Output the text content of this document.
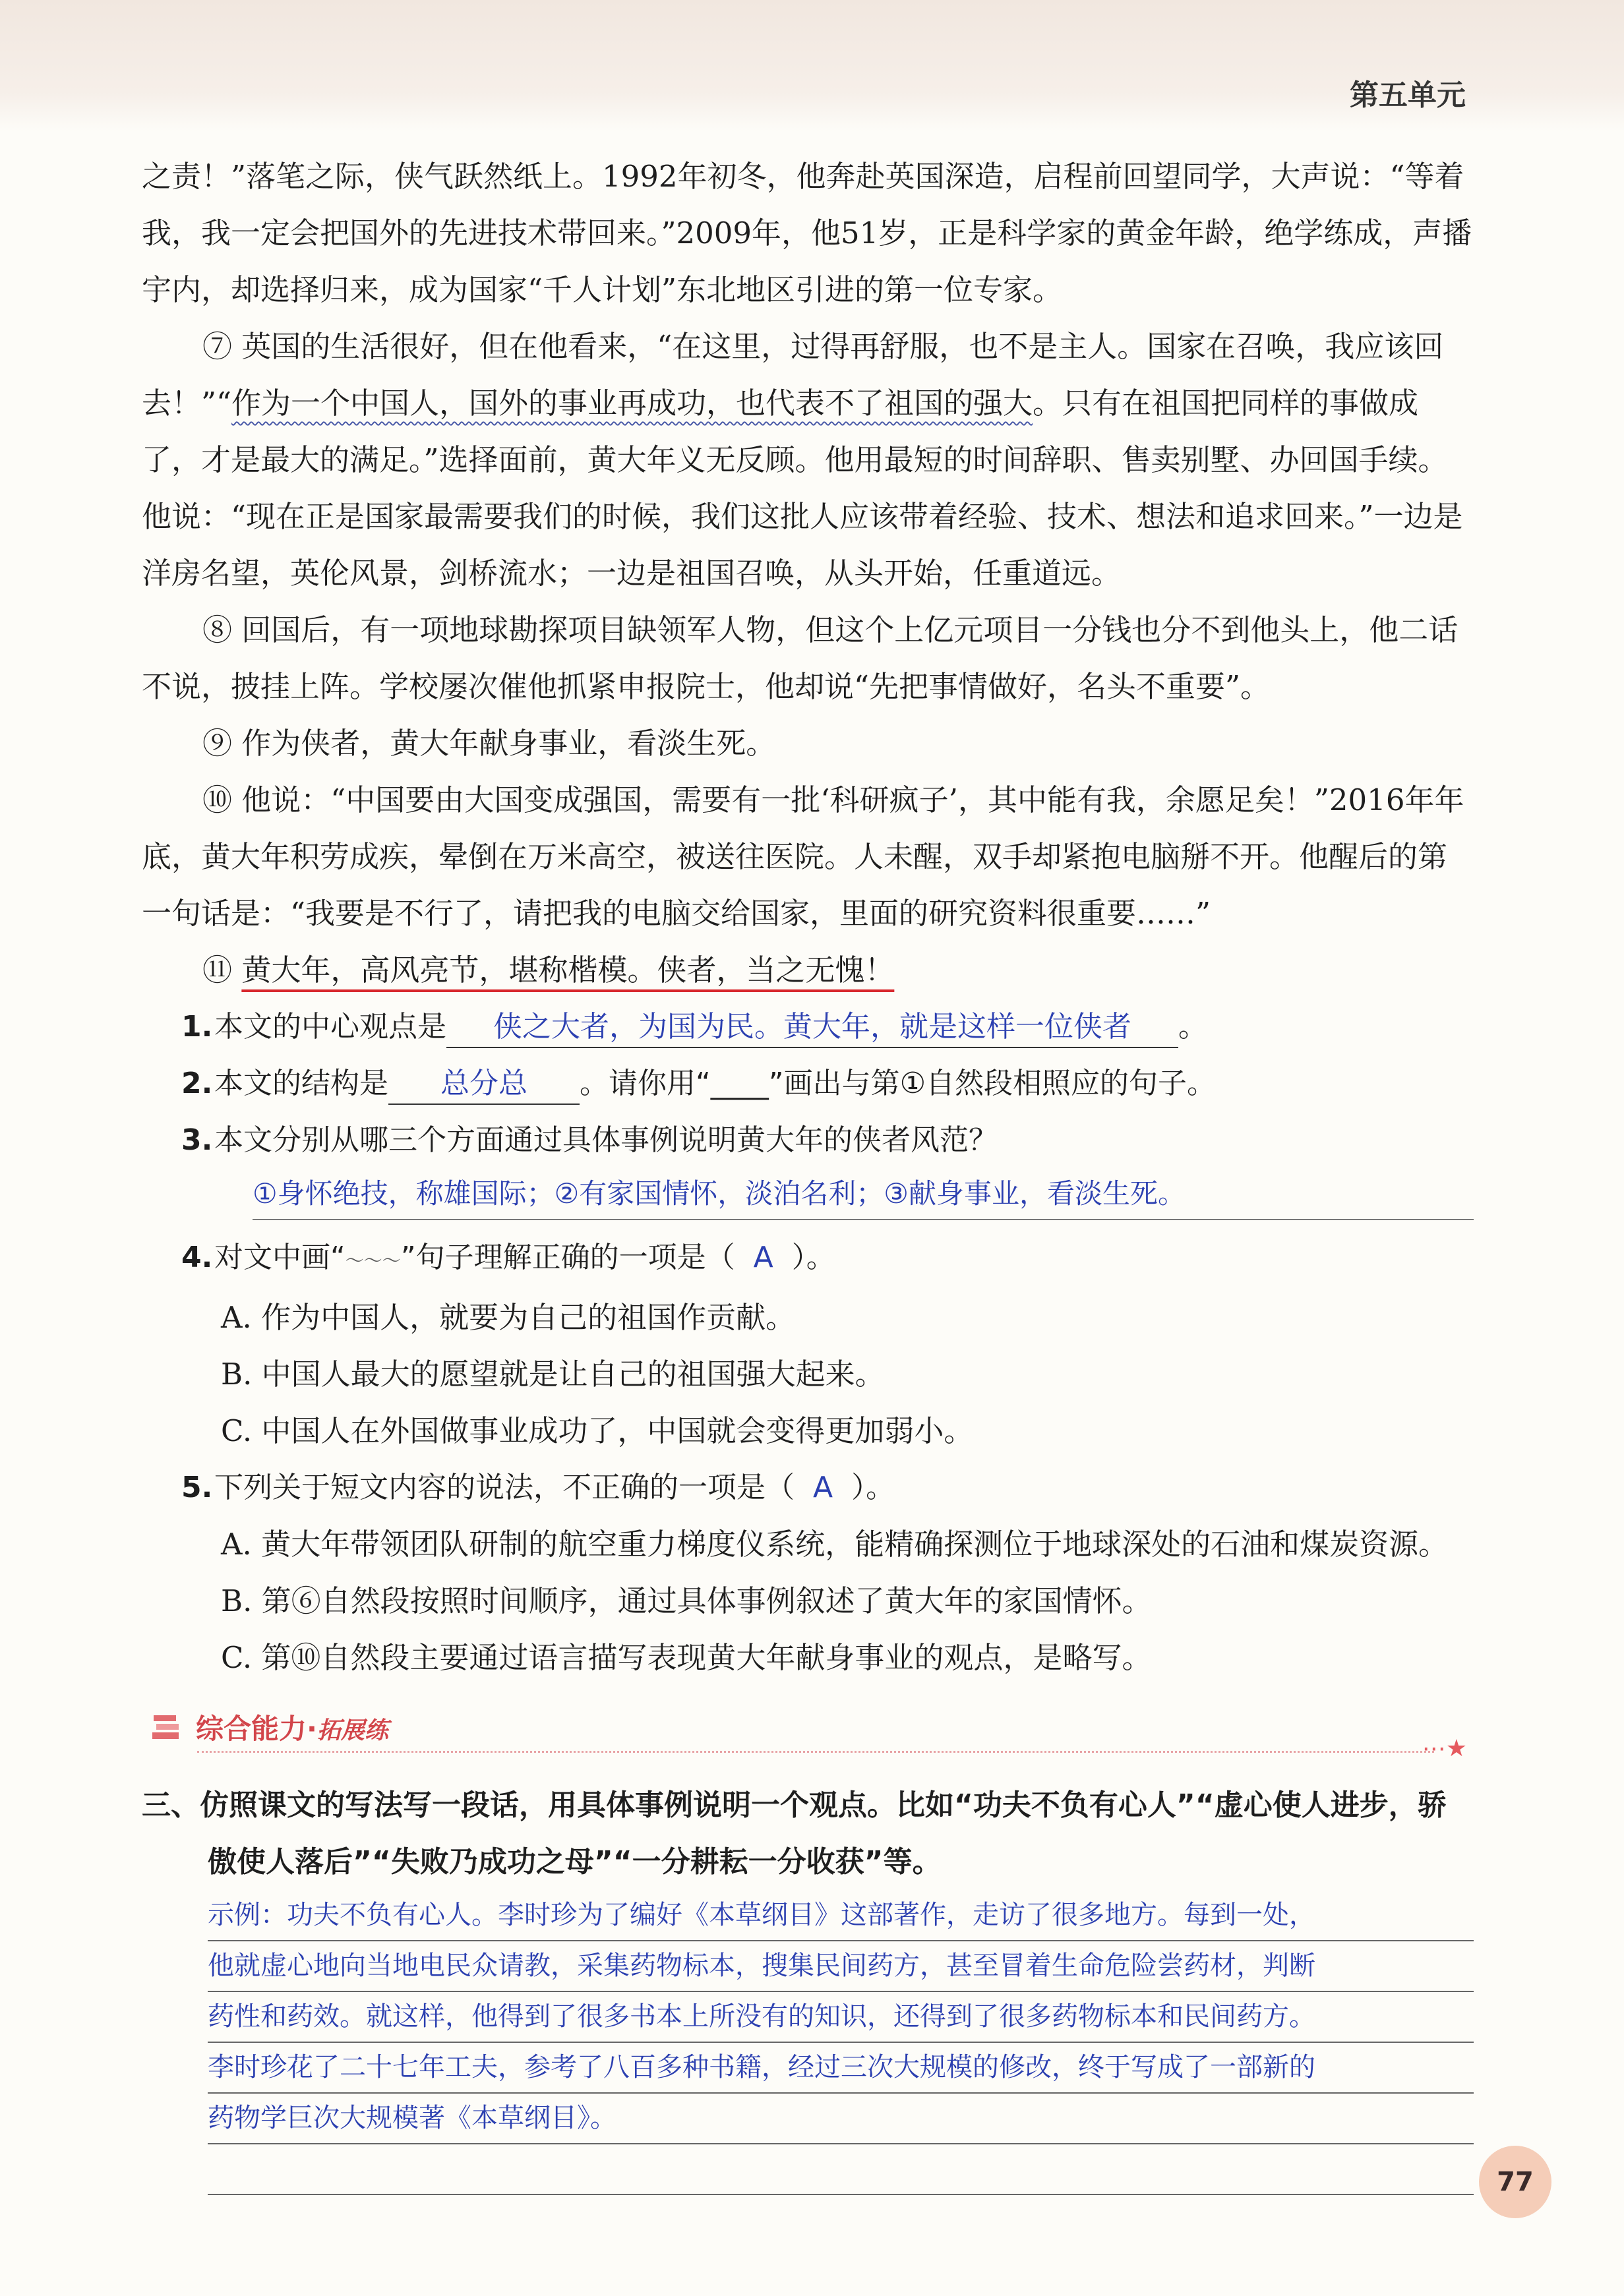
第五单元

之责！”落笔之际，侠气跃然纸上。1992年初冬，他奔赴英国深造，启程前回望同学，大声说：“等着我，我一定会把国外的先进技术带回来。”2009年，他51岁，正是科学家的黄金年龄，绝学练成，声播宇内，却选择归来，成为国家“千人计划”东北地区引进的第一位专家。

⑦ 英国的生活很好，但在他看来，“在这里，过得再舒服，也不是主人。国家在召唤，我应该回去！”“作为一个中国人，国外的事业再成功，也代表不了祖国的强大。只有在祖国把同样的事做成了，才是最大的满足。”选择面前，黄大年义无反顾。他用最短的时间辞职、售卖别墅、办回国手续。他说：“现在正是国家最需要我们的时候，我们这批人应该带着经验、技术、想法和追求回来。”一边是洋房名望，英伦风景，剑桥流水；一边是祖国召唤，从头开始，任重道远。

⑧ 回国后，有一项地球勘探项目缺领军人物，但这个上亿元项目一分钱也分不到他头上，他二话不说，披挂上阵。学校屡次催他抓紧申报院士，他却说“先把事情做好，名头不重要”。

⑨ 作为侠者，黄大年献身事业，看淡生死。

⑩ 他说：“中国要由大国变成强国，需要有一批‘科研疯子’，其中能有我，余愿足矣！”2016年年底，黄大年积劳成疾，晕倒在万米高空，被送往医院。人未醒，双手却紧抱电脑掰不开。他醒后的第一句话是：“我要是不行了，请把我的电脑交给国家，里面的研究资料很重要……”

⑪ 黄大年，高风亮节，堪称楷模。侠者，当之无愧！

1.本文的中心观点是 侠之大者，为国为民。黄大年，就是这样一位侠者 。

2.本文的结构是 总分总 。请你用“____”画出与第①自然段相照应的句子。

3.本文分别从哪三个方面通过具体事例说明黄大年的侠者风范？

①身怀绝技，称雄国际；②有家国情怀，淡泊名利；③献身事业，看淡生死。

4.对文中画“～～～”句子理解正确的一项是（ A ）。

A. 作为中国人，就要为自己的祖国作贡献。

B. 中国人最大的愿望就是让自己的祖国强大起来。

C. 中国人在外国做事业成功了，中国就会变得更加弱小。

5.下列关于短文内容的说法，不正确的一项是（ A ）。

A. 黄大年带领团队研制的航空重力梯度仪系统，能精确探测位于地球深处的石油和煤炭资源。

B. 第⑥自然段按照时间顺序，通过具体事例叙述了黄大年的家国情怀。

C. 第⑩自然段主要通过语言描写表现黄大年献身事业的观点，是略写。

综合能力·拓展练
⋯★

三、仿照课文的写法写一段话，用具体事例说明一个观点。比如“功夫不负有心人”“虚心使人进步，骄傲使人落后”“失败乃成功之母”“一分耕耘一分收获”等。

示例：功夫不负有心人。李时珍为了编好《本草纲目》这部著作，走访了很多地方。每到一处，
他就虚心地向当地电民众请教，采集药物标本，搜集民间药方，甚至冒着生命危险尝药材，判断
药性和药效。就这样，他得到了很多书本上所没有的知识，还得到了很多药物标本和民间药方。
李时珍花了二十七年工夫，参考了八百多种书籍，经过三次大规模的修改，终于写成了一部新的
药物学巨次大规模著《本草纲目》。
77
